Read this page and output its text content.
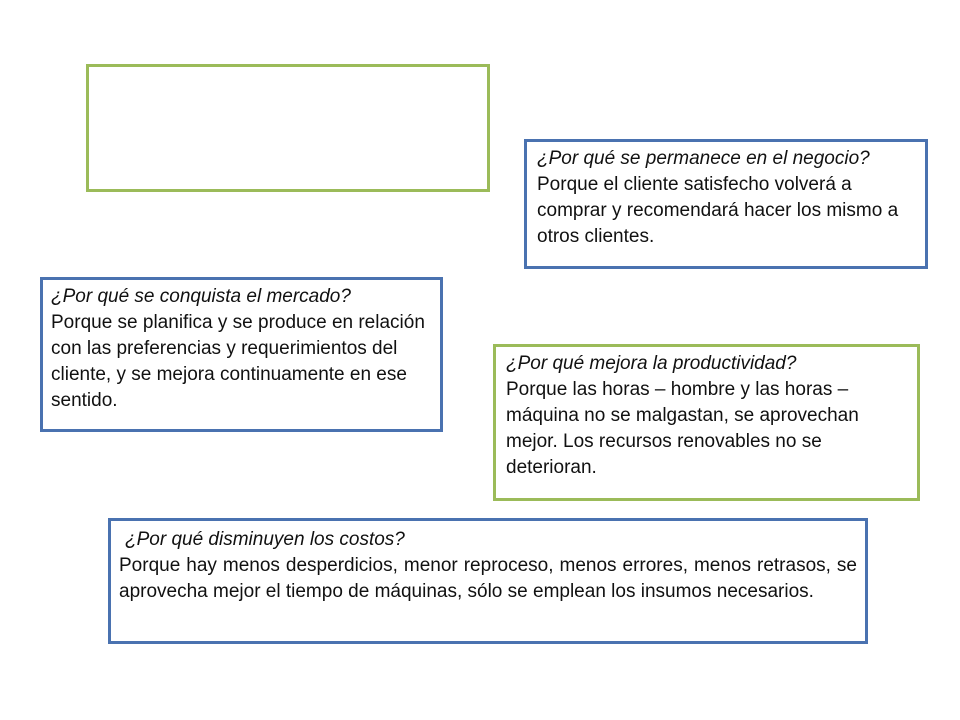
¿Por qué se permanece en el negocio?
Porque el cliente satisfecho volverá a comprar y recomendará hacer los mismo a otros clientes.
¿Por qué se conquista el mercado?
Porque se planifica y se produce en relación con las preferencias y requerimientos del cliente, y se mejora continuamente en ese sentido.
¿Por qué mejora la productividad?
Porque las horas – hombre y las horas – máquina no se malgastan, se aprovechan mejor. Los recursos renovables no se deterioran.
¿Por qué disminuyen los costos?
Porque hay menos desperdicios, menor reproceso, menos errores, menos retrasos, se aprovecha mejor el tiempo de máquinas, sólo se emplean los insumos necesarios.
